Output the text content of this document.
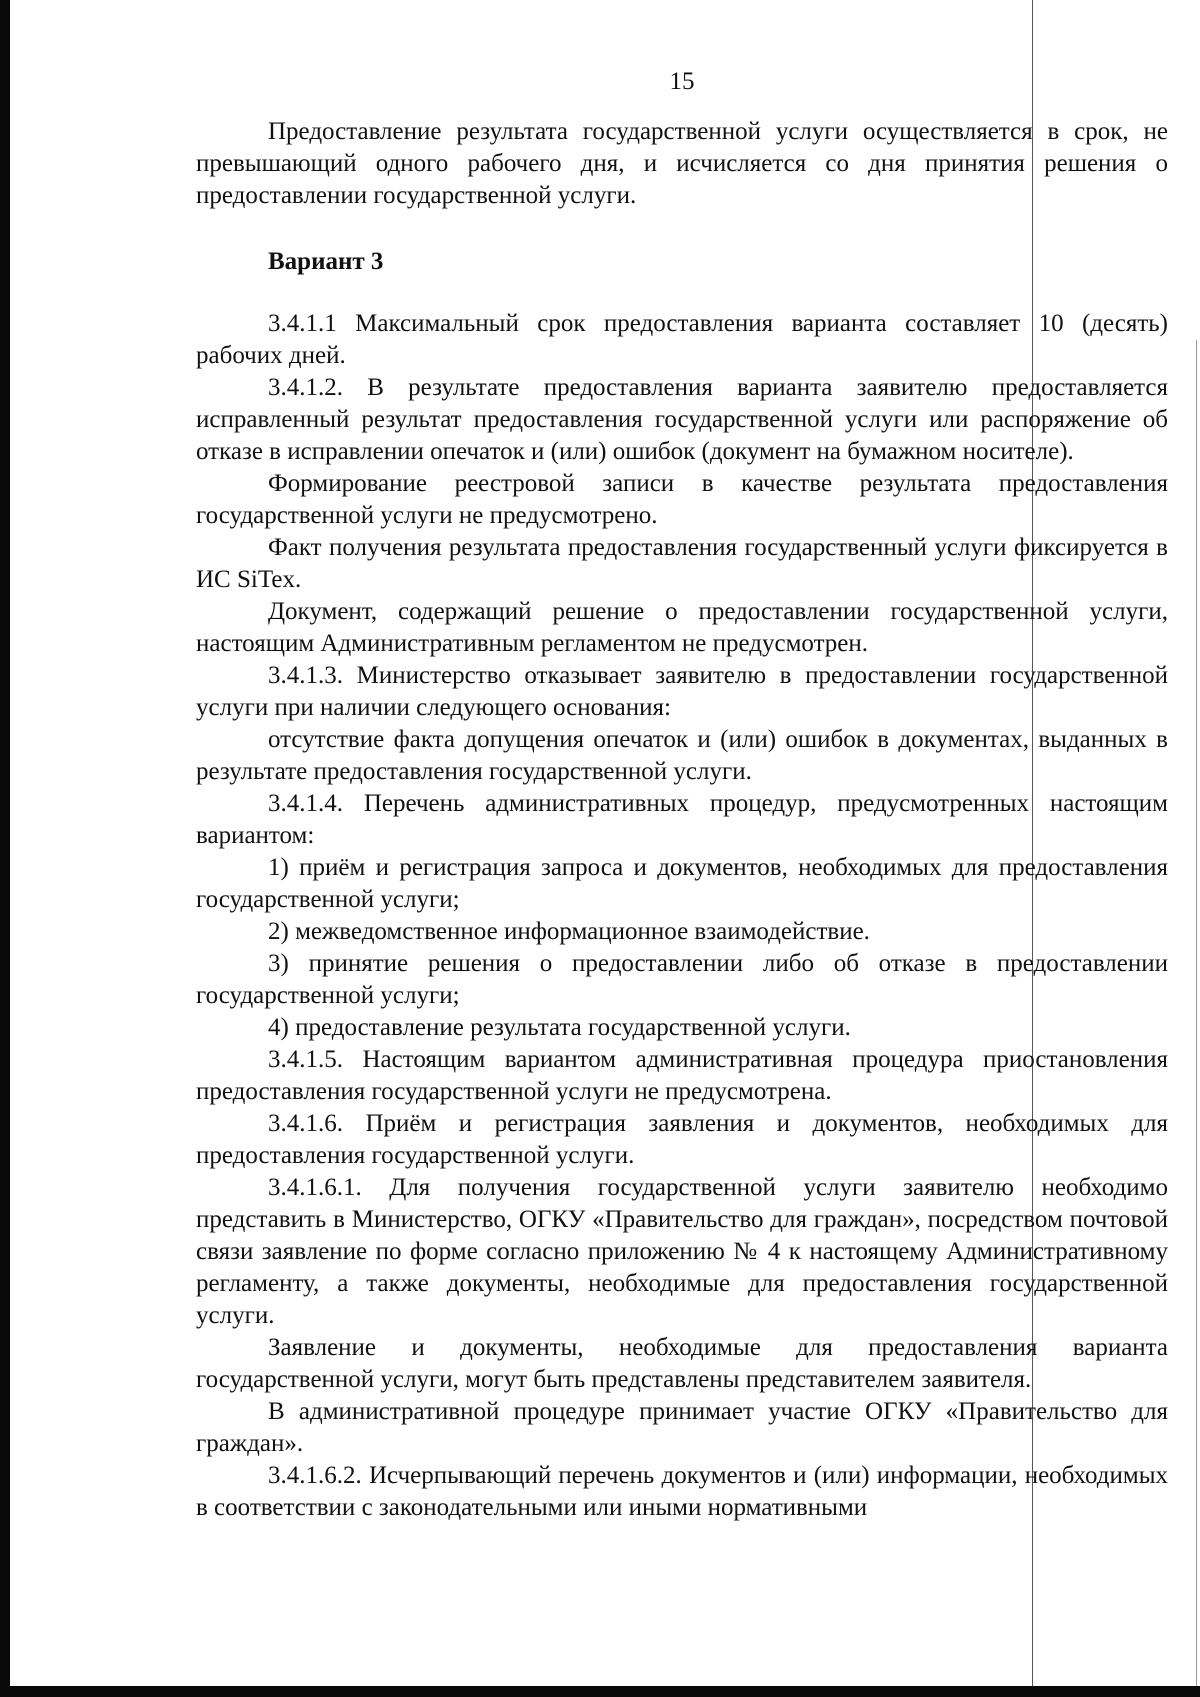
15

Предоставление результата государственной услуги осуществляется в срок, не превышающий одного рабочего дня, и исчисляется со дня принятия решения о предоставлении государственной услуги.

Вариант 3

3.4.1.1 Максимальный срок предоставления варианта составляет 10 (десять) рабочих дней.

3.4.1.2. В результате предоставления варианта заявителю предоставляется исправленный результат предоставления государственной услуги или распоряжение об отказе в исправлении опечаток и (или) ошибок (документ на бумажном носителе).

Формирование реестровой записи в качестве результата предоставления государственной услуги не предусмотрено.

Факт получения результата предоставления государственный услуги фиксируется в ИС SiTex.

Документ, содержащий решение о предоставлении государственной услуги, настоящим Административным регламентом не предусмотрен.

3.4.1.3. Министерство отказывает заявителю в предоставлении государственной услуги при наличии следующего основания:

отсутствие факта допущения опечаток и (или) ошибок в документах, выданных в результате предоставления государственной услуги.

3.4.1.4. Перечень административных процедур, предусмотренных настоящим вариантом:

1) приём и регистрация запроса и документов, необходимых для предоставления государственной услуги;

2) межведомственное информационное взаимодействие.

3) принятие решения о предоставлении либо об отказе в предоставлении государственной услуги;

4) предоставление результата государственной услуги.

3.4.1.5. Настоящим вариантом административная процедура приостановления предоставления государственной услуги не предусмотрена.

3.4.1.6. Приём и регистрация заявления и документов, необходимых для предоставления государственной услуги.

3.4.1.6.1. Для получения государственной услуги заявителю необходимо представить в Министерство, ОГКУ «Правительство для граждан», посредством почтовой связи заявление по форме согласно приложению № 4 к настоящему Административному регламенту, а также документы, необходимые для предоставления государственной услуги.

Заявление и документы, необходимые для предоставления варианта государственной услуги, могут быть представлены представителем заявителя.

В административной процедуре принимает участие ОГКУ «Правительство для граждан».

3.4.1.6.2. Исчерпывающий перечень документов и (или) информации, необходимых в соответствии с законодательными или иными нормативными
